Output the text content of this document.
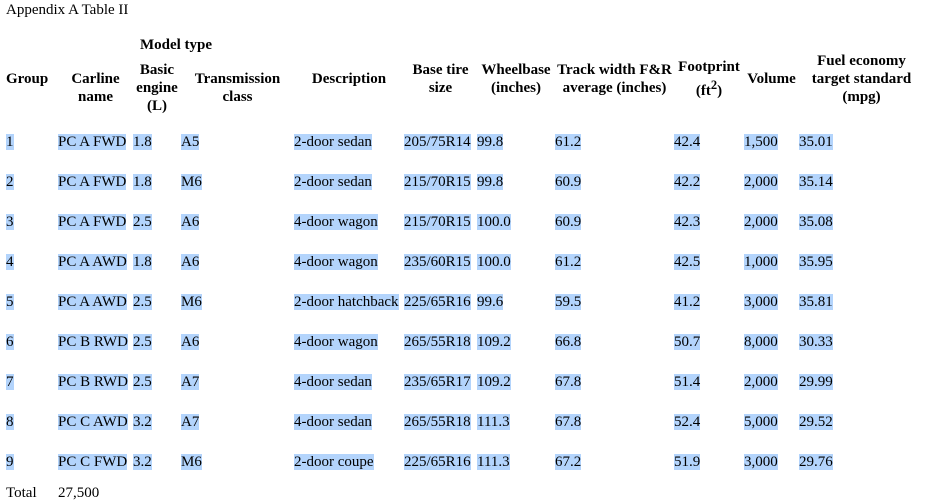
Appendix A Table II
Group	Model type			Description	Base tire size	Wheelbase (inches)	Track width F&R average (inches)	Footprint $(ft^2)$	Volume	Fuel economy target standard (mpg)
	Carline name	Basic engine (L)	Transmission class							
1	PC A FWD	1.8	A5	2-door sedan	205/75R14	99.8	61.2	42.4	1,500	35.01
2	PC A FWD	1.8	M6	2-door sedan	215/70R15	99.8	60.9	42.2	2,000	35.14
3	PC A FWD	2.5	A6	4-door wagon	215/70R15	100.0	60.9	42.3	2,000	35.08
4	PC A AWD	1.8	A6	4-door wagon	235/60R15	100.0	61.2	42.5	1,000	35.95
5	PC A AWD	2.5	M6	2-door hatchback	225/65R16	99.6	59.5	41.2	3,000	35.81
6	PC B RWD	2.5	A6	4-door wagon	265/55R18	109.2	66.8	50.7	8,000	30.33
7	PC B RWD	2.5	A7	4-door sedan	235/65R17	109.2	67.8	51.4	2,000	29.99
8	PC C AWD	3.2	A7	4-door sedan	265/55R18	111.3	67.8	52.4	5,000	29.52
9	PC C FWD	3.2	M6	2-door coupe	225/65R16	111.3	67.2	51.9	3,000	29.76
Total	27,500									
